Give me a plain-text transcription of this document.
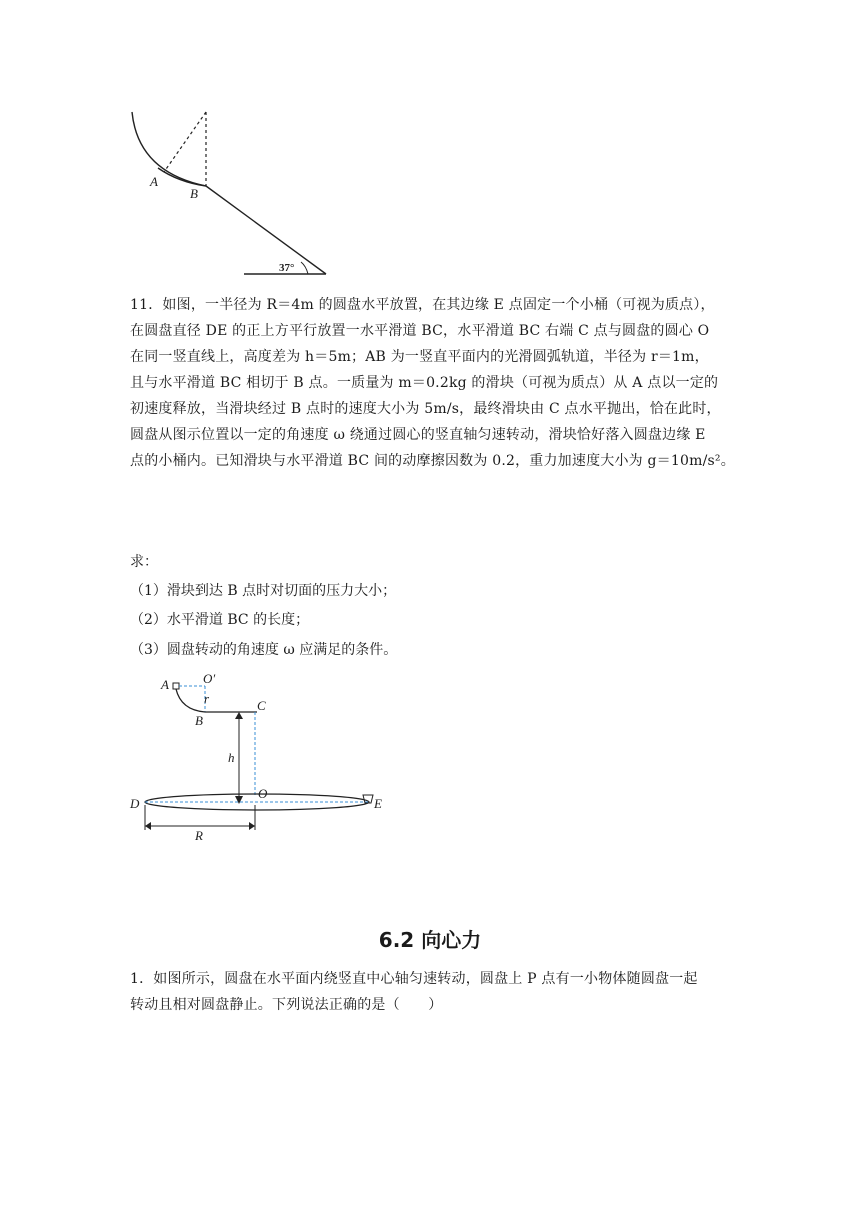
A
B
37°
11．如图，一半径为 R＝4m 的圆盘水平放置，在其边缘 E 点固定一个小桶（可视为质点），
在圆盘直径 DE 的正上方平行放置一水平滑道 BC，水平滑道 BC 右端 C 点与圆盘的圆心 O
在同一竖直线上，高度差为 h＝5m；AB 为一竖直平面内的光滑圆弧轨道，半径为 r＝1m，
且与水平滑道 BC 相切于 B 点。一质量为 m＝0.2kg 的滑块（可视为质点）从 A 点以一定的
初速度释放，当滑块经过 B 点时的速度大小为 5m/s，最终滑块由 C 点水平抛出，恰在此时，
圆盘从图示位置以一定的角速度 ω 绕通过圆心的竖直轴匀速转动，滑块恰好落入圆盘边缘 E
点的小桶内。已知滑块与水平滑道 BC 间的动摩擦因数为 0.2，重力加速度大小为 g＝10m/s²。
求：
（1）滑块到达 B 点时对切面的压力大小；
（2）水平滑道 BC 的长度；
（3）圆盘转动的角速度 ω 应满足的条件。
A	O′
r
B
C
h
O
D	E
R
6.2 向心力
1．如图所示，圆盘在水平面内绕竖直中心轴匀速转动，圆盘上 P 点有一小物体随圆盘一起
转动且相对圆盘静止。下列说法正确的是（　　）
